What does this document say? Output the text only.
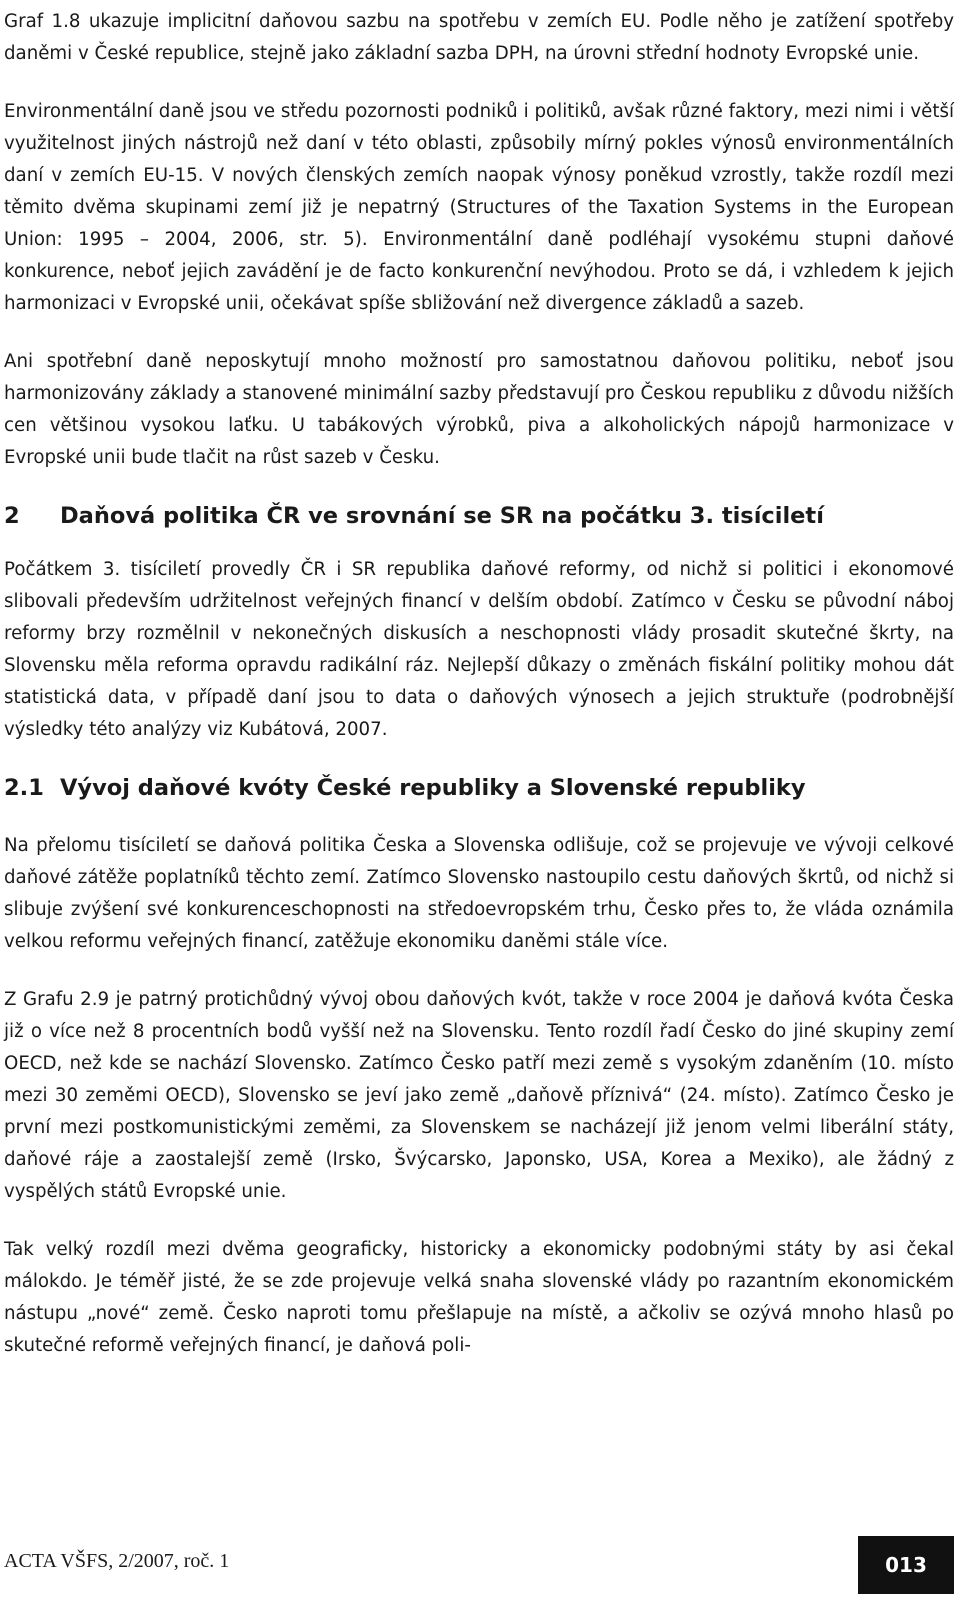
Graf 1.8 ukazuje implicitní daňovou sazbu na spotřebu v zemích EU. Podle něho je zatížení spotřeby daněmi v České republice, stejně jako základní sazba DPH, na úrovni střední hodnoty Evropské unie.

Environmentální daně jsou ve středu pozornosti podniků i politiků, avšak různé faktory, mezi nimi i větší využitelnost jiných nástrojů než daní v této oblasti, způsobily mírný pokles výnosů environmentálních daní v zemích EU-15. V nových členských zemích naopak výnosy poněkud vzrostly, takže rozdíl mezi těmito dvěma skupinami zemí již je nepatrný (Structures of the Taxation Systems in the European Union: 1995 – 2004, 2006, str. 5). Environmentální daně podléhají vysokému stupni daňové konkurence, neboť jejich zavádění je de facto konkurenční nevýhodou. Proto se dá, i vzhledem k jejich harmonizaci v Evropské unii, očekávat spíše sbližování než divergence základů a sazeb.

Ani spotřební daně neposkytují mnoho možností pro samostatnou daňovou politiku, neboť jsou harmonizovány základy a stanovené minimální sazby představují pro Českou republiku z důvodu nižších cen většinou vysokou laťku. U tabákových výrobků, piva a alkoholických nápojů harmonizace v Evropské unii bude tlačit na růst sazeb v Česku.

2	Daňová politika ČR ve srovnání se SR na počátku 3. tisíciletí

Počátkem 3. tisíciletí provedly ČR i SR republika daňové reformy, od nichž si politici i ekonomové slibovali především udržitelnost veřejných financí v delším období. Zatímco v Česku se původní náboj reformy brzy rozmělnil v nekonečných diskusích a neschopnosti vlády prosadit skutečné škrty, na Slovensku měla reforma opravdu radikální ráz. Nejlepší důkazy o změnách fiskální politiky mohou dát statistická data, v případě daní jsou to data o daňových výnosech a jejich struktuře (podrobnější výsledky této analýzy viz Kubátová, 2007.

2.1 Vývoj daňové kvóty České republiky a Slovenské republiky

Na přelomu tisíciletí se daňová politika Česka a Slovenska odlišuje, což se projevuje ve vývoji celkové daňové zátěže poplatníků těchto zemí. Zatímco Slovensko nastoupilo cestu daňových škrtů, od nichž si slibuje zvýšení své konkurenceschopnosti na středoevropském trhu, Česko přes to, že vláda oznámila velkou reformu veřejných financí, zatěžuje ekonomiku daněmi stále více.

Z Grafu 2.9 je patrný protichůdný vývoj obou daňových kvót, takže v roce 2004 je daňová kvóta Česka již o více než 8 procentních bodů vyšší než na Slovensku. Tento rozdíl řadí Česko do jiné skupiny zemí OECD, než kde se nachází Slovensko. Zatímco Česko patří mezi země s vysokým zdaněním (10. místo mezi 30 zeměmi OECD), Slovensko se jeví jako země „daňově příznivá“ (24. místo). Zatímco Česko je první mezi postkomunistickými zeměmi, za Slovenskem se nacházejí již jenom velmi liberální státy, daňové ráje a zaostalejší země (Irsko, Švýcarsko, Japonsko, USA, Korea a Mexiko), ale žádný z vyspělých států Evropské unie.

Tak velký rozdíl mezi dvěma geograficky, historicky a ekonomicky podobnými státy by asi čekal málokdo. Je téměř jisté, že se zde projevuje velká snaha slovenské vlády po razantním ekonomickém nástupu „nové“ země. Česko naproti tomu přešlapuje na místě, a ačkoliv se ozývá mnoho hlasů po skutečné reformě veřejných financí, je daňová poli-

ACTA VŠFS, 2/2007, roč. 1	013
